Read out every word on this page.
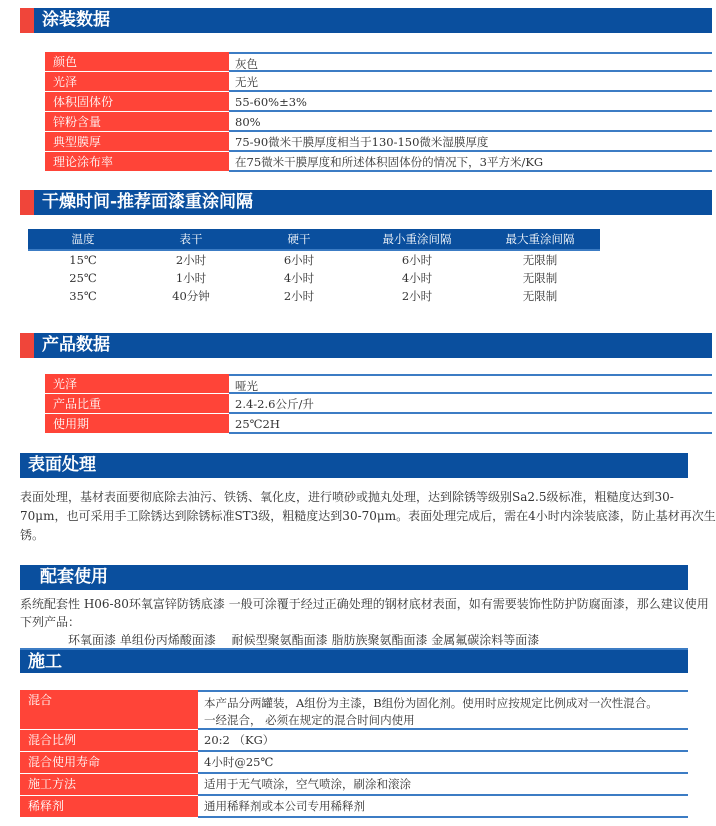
涂装数据
颜色	灰色
光泽	无光
体积固体份	55-60%±3%
锌粉含量	80%
典型膜厚	75-90微米干膜厚度相当于130-150微米湿膜厚度
理论涂布率	在75微米干膜厚度和所述体积固体份的情况下，3平方米/KG
干燥时间-推荐面漆重涂间隔
温度	表干	硬干	最小重涂间隔	最大重涂间隔
15℃	2小时	6小时	6小时	无限制
25℃	1小时	4小时	4小时	无限制
35℃	40分钟	2小时	2小时	无限制
产品数据
光泽	哑光
产品比重	2.4-2.6公斤/升
使用期	25℃2H
表面处理
表面处理，基材表面要彻底除去油污、铁锈、氧化皮，进行喷砂或抛丸处理，达到除锈等级别Sa2.5级标准，粗糙度达到30-70μm，也可采用手工除锈达到除锈标准ST3级，粗糙度达到30-70μm。表面处理完成后，需在4小时内涂装底漆，防止基材再次生锈。
配套使用
系统配套性 H06-80环氧富锌防锈底漆 一般可涂覆于经过正确处理的钢材底材表面，如有需要装饰性防护防腐面漆，那么建议使用下列产品：
环氧面漆 单组份丙烯酸面漆 　耐候型聚氨酯面漆 脂肪族聚氨酯面漆 金属氟碳涂料等面漆
施工
混合	本产品分两罐装，A组份为主漆，B组份为固化剂。使用时应按规定比例成对一次性混合。一经混合， 必须在规定的混合时间内使用
混合比例	20:2 （KG）
混合使用寿命	4小时@25℃
施工方法	适用于无气喷涂，空气喷涂，刷涂和滚涂
稀释剂	通用稀释剂或本公司专用稀释剂
